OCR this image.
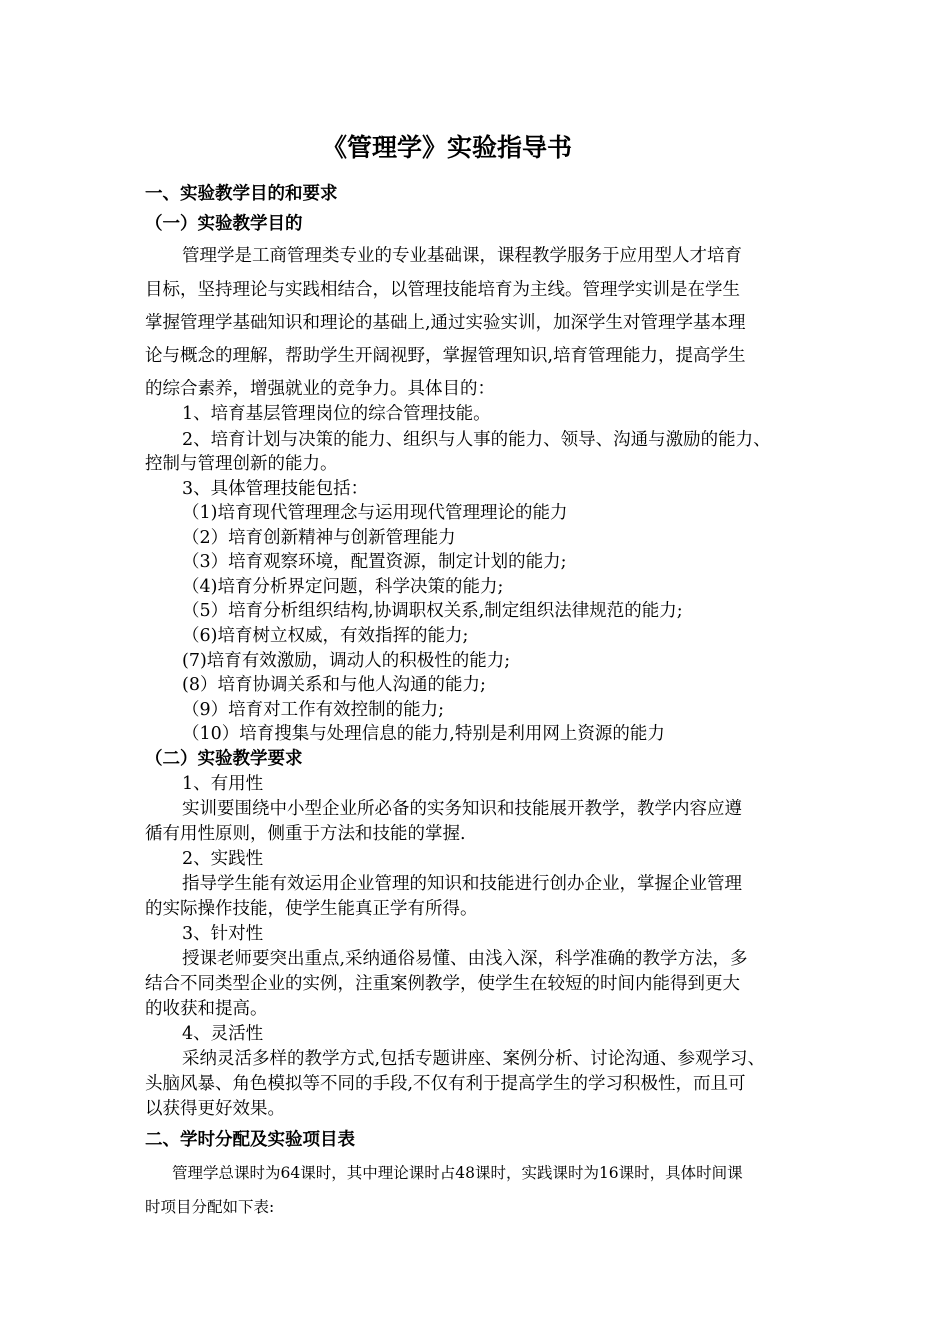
《管理学》实验指导书
一、实验教学目的和要求
（一）实验教学目的
管理学是工商管理类专业的专业基础课，课程教学服务于应用型人才培育
目标，坚持理论与实践相结合，以管理技能培育为主线。管理学实训是在学生
掌握管理学基础知识和理论的基础上,通过实验实训，加深学生对管理学基本理
论与概念的理解，帮助学生开阔视野，掌握管理知识,培育管理能力，提高学生
的综合素养，增强就业的竞争力。具体目的：
1、培育基层管理岗位的综合管理技能。
2、培育计划与决策的能力、组织与人事的能力、领导、沟通与激励的能力、
控制与管理创新的能力。
3、具体管理技能包括：
（1)培育现代管理理念与运用现代管理理论的能力
（2）培育创新精神与创新管理能力
（3）培育观察环境，配置资源，制定计划的能力;
（4)培育分析界定问题，科学决策的能力;
（5）培育分析组织结构,协调职权关系,制定组织法律规范的能力;
（6)培育树立权威，有效指挥的能力;
(7)培育有效激励，调动人的积极性的能力;
(8）培育协调关系和与他人沟通的能力;
（9）培育对工作有效控制的能力;
（10）培育搜集与处理信息的能力,特别是利用网上资源的能力
（二）实验教学要求
1、有用性
实训要围绕中小型企业所必备的实务知识和技能展开教学，教学内容应遵
循有用性原则，侧重于方法和技能的掌握.
2、实践性
指导学生能有效运用企业管理的知识和技能进行创办企业，掌握企业管理
的实际操作技能，使学生能真正学有所得。
3、针对性
授课老师要突出重点,采纳通俗易懂、由浅入深，科学准确的教学方法，多
结合不同类型企业的实例，注重案例教学，使学生在较短的时间内能得到更大
的收获和提高。
4、灵活性
采纳灵活多样的教学方式,包括专题讲座、案例分析、讨论沟通、参观学习、
头脑风暴、角色模拟等不同的手段,不仅有利于提高学生的学习积极性，而且可
以获得更好效果。
二、学时分配及实验项目表
管理学总课时为64课时，其中理论课时占48课时，实践课时为16课时，具体时间课
时项目分配如下表:
